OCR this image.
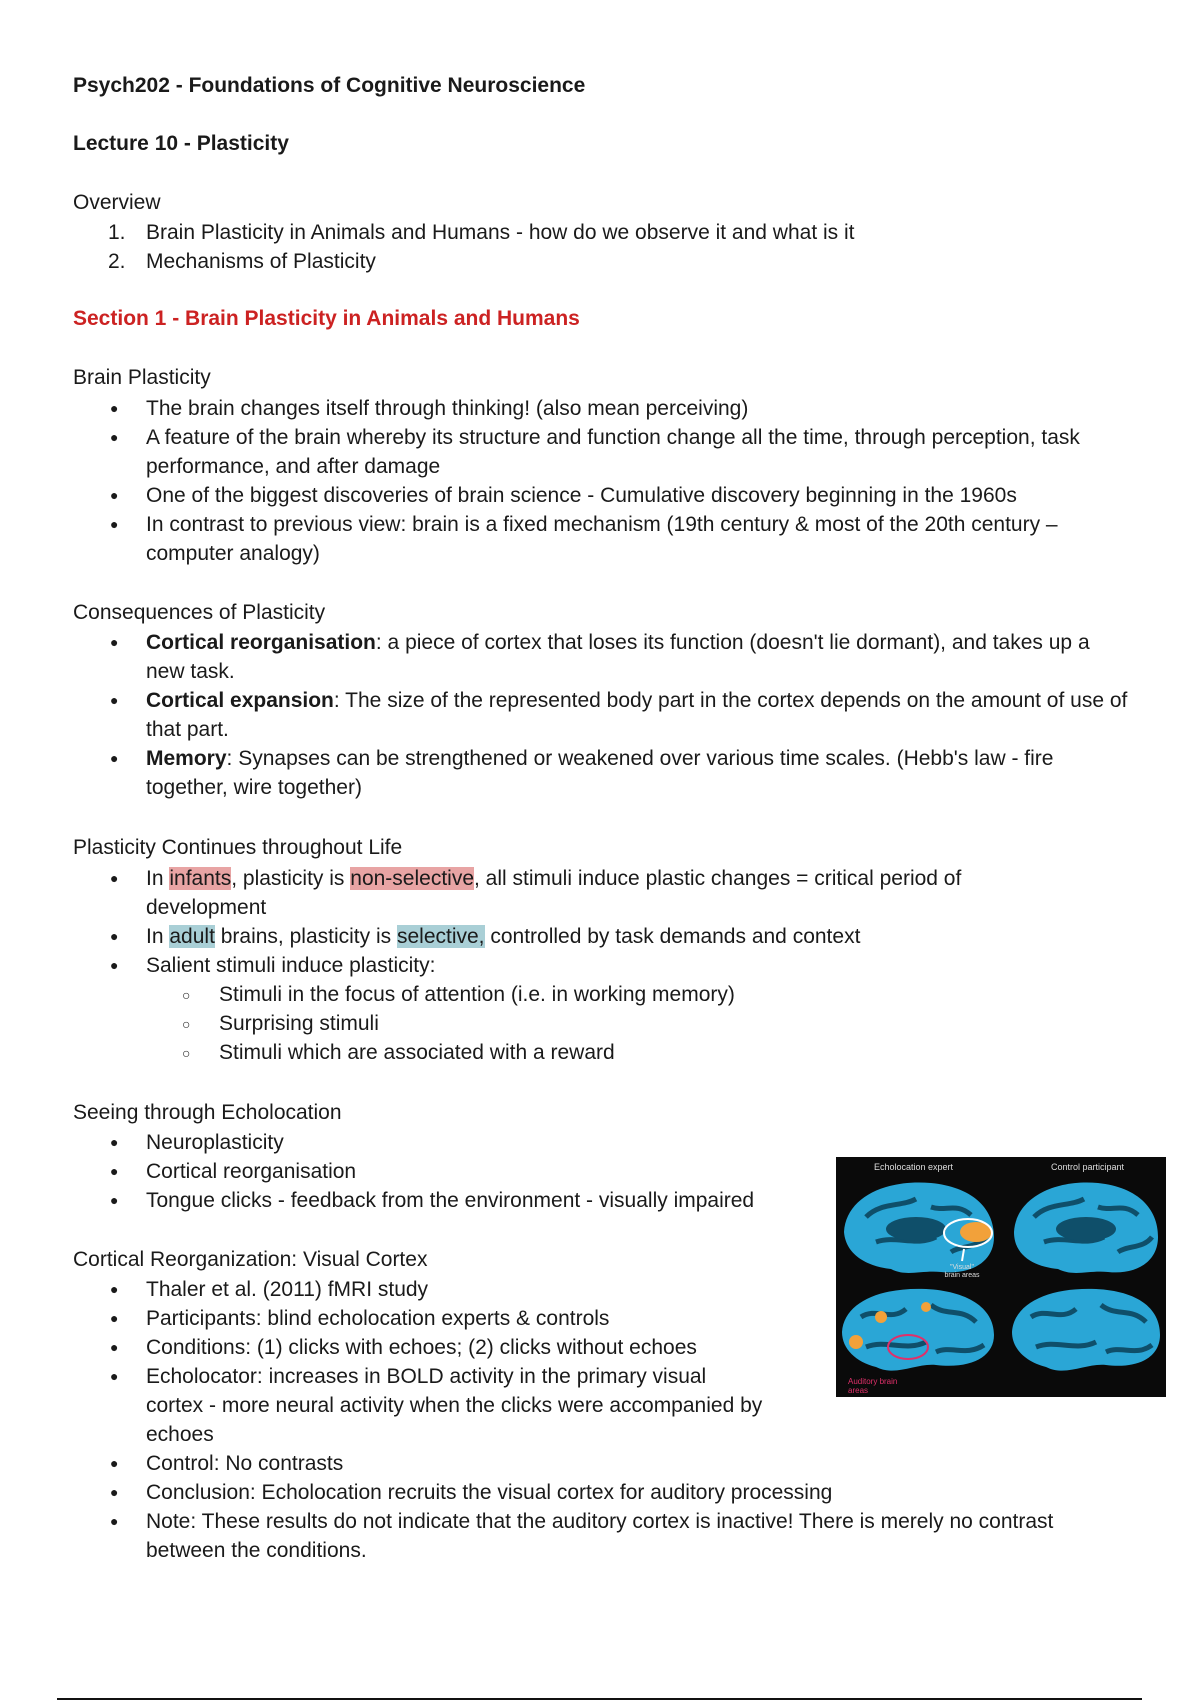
Psych202 - Foundations of Cognitive Neuroscience
Lecture 10 - Plasticity
Overview
1. Brain Plasticity in Animals and Humans - how do we observe it and what is it
2. Mechanisms of Plasticity
Section 1 - Brain Plasticity in Animals and Humans
Brain Plasticity
● The brain changes itself through thinking! (also mean perceiving)
● A feature of the brain whereby its structure and function change all the time, through perception, task performance, and after damage
● One of the biggest discoveries of brain science - Cumulative discovery beginning in the 1960s
● In contrast to previous view: brain is a fixed mechanism (19th century & most of the 20th century – computer analogy)
Consequences of Plasticity
● Cortical reorganisation: a piece of cortex that loses its function (doesn't lie dormant), and takes up a new task.
● Cortical expansion: The size of the represented body part in the cortex depends on the amount of use of that part.
● Memory: Synapses can be strengthened or weakened over various time scales. (Hebb's law - fire together, wire together)
Plasticity Continues throughout Life
● In infants, plasticity is non-selective, all stimuli induce plastic changes = critical period of development
● In adult brains, plasticity is selective, controlled by task demands and context
● Salient stimuli induce plasticity:
○ Stimuli in the focus of attention (i.e. in working memory)
○ Surprising stimuli
○ Stimuli which are associated with a reward
Seeing through Echolocation
● Neuroplasticity
● Cortical reorganisation
● Tongue clicks - feedback from the environment - visually impaired
Cortical Reorganization: Visual Cortex
● Thaler et al. (2011) fMRI study
● Participants: blind echolocation experts & controls
● Conditions: (1) clicks with echoes; (2) clicks without echoes
● Echolocator: increases in BOLD activity in the primary visual cortex - more neural activity when the clicks were accompanied by echoes
● Control: No contrasts
● Conclusion: Echolocation recruits the visual cortex for auditory processing
● Note: These results do not indicate that the auditory cortex is inactive! There is merely no contrast between the conditions.
Echolocation expert	Control participant
"Visual" brain areas
Auditory brain areas
